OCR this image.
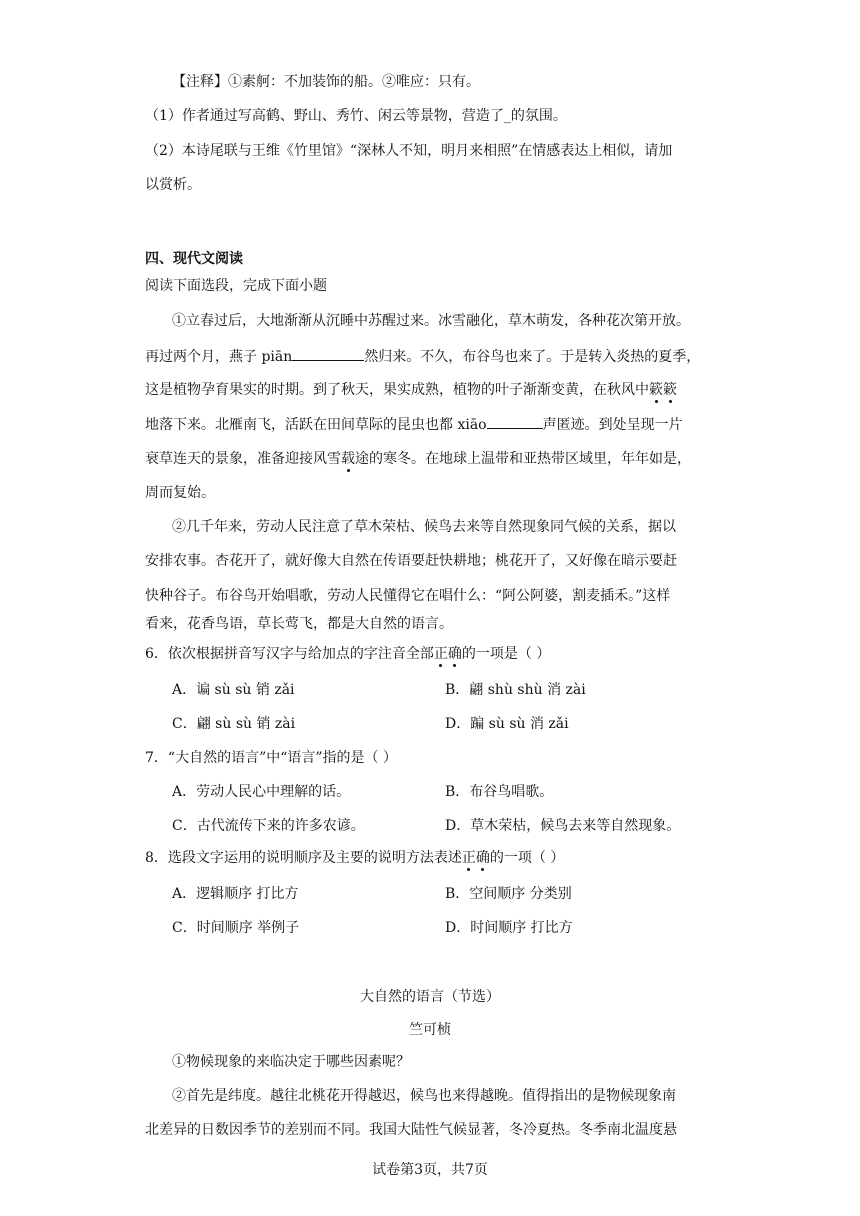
【注释】①素舸：不加装饰的船。②唯应：只有。
（1）作者通过写高鹤、野山、秀竹、闲云等景物，营造了_的氛围。
（2）本诗尾联与王维《竹里馆》“深林人不知，明月来相照”在情感表达上相似，请加
以赏析。
四、现代文阅读
阅读下面选段，完成下面小题
①立春过后，大地渐渐从沉睡中苏醒过来。冰雪融化，草木萌发，各种花次第开放。
再过两个月，燕子 piān	然归来。不久，布谷鸟也来了。于是转入炎热的夏季，
这是植物孕育果实的时期。到了秋天，果实成熟，植物的叶子渐渐变黄，在秋风中簌簌
地落下来。北雁南飞，活跃在田间草际的昆虫也都 xiāo	声匿迹。到处呈现一片
衰草连天的景象，准备迎接风雪载途的寒冬。在地球上温带和亚热带区域里，年年如是，
周而复始。
②几千年来，劳动人民注意了草木荣枯、候鸟去来等自然现象同气候的关系，据以
安排农事。杏花开了，就好像大自然在传语要赶快耕地；桃花开了，又好像在暗示要赶
快种谷子。布谷鸟开始唱歌，劳动人民懂得它在唱什么：“阿公阿婆，割麦插禾。”这样
看来，花香鸟语，草长莺飞，都是大自然的语言。
6．依次根据拼音写汉字与给加点的字注音全部正确的一项是（ ）
A．谝 sù sù 销 zǎi	B．翩 shù shù 消 zài
C．翩 sù sù 销 zài	D．蹁 sù sù 消 zǎi
7．“大自然的语言”中“语言”指的是（ ）
A．劳动人民心中理解的话。	B．布谷鸟唱歌。
C．古代流传下来的许多农谚。	D．草木荣枯，候鸟去来等自然现象。
8．选段文字运用的说明顺序及主要的说明方法表述正确的一项（ ）
A．逻辑顺序 打比方	B．空间顺序 分类别
C．时间顺序 举例子	D．时间顺序 打比方
大自然的语言（节选）
竺可桢
①物候现象的来临决定于哪些因素呢？
②首先是纬度。越往北桃花开得越迟，候鸟也来得越晚。值得指出的是物候现象南
北差异的日数因季节的差别而不同。我国大陆性气候显著，冬冷夏热。冬季南北温度悬
试卷第3页，共7页
